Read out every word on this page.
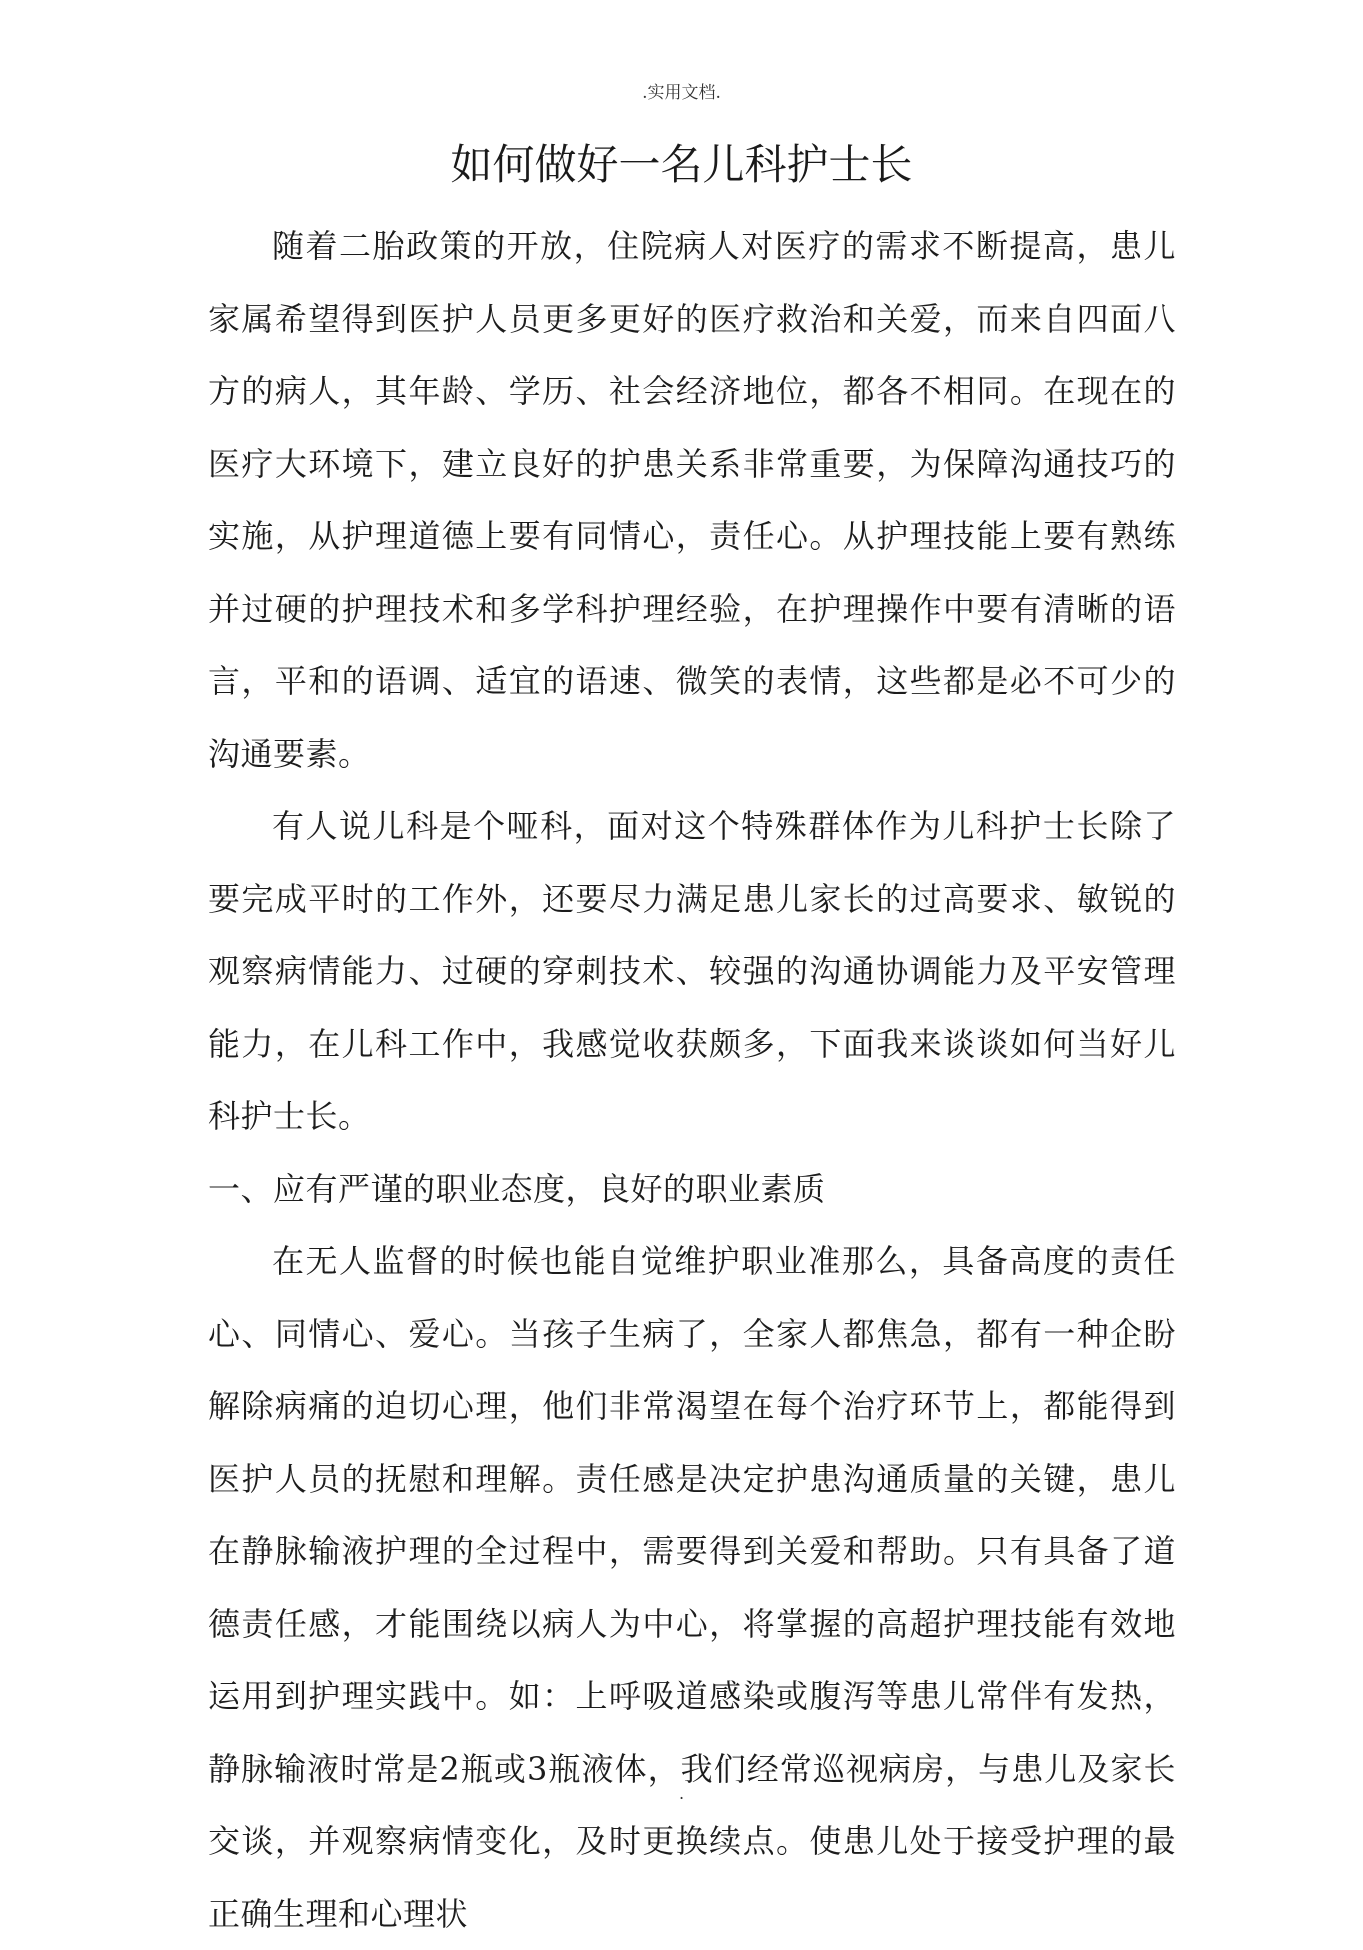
.实用文档.
如何做好一名儿科护士长

随着二胎政策的开放，住院病人对医疗的需求不断提高，患儿家属希望得到医护人员更多更好的医疗救治和关爱，而来自四面八方的病人，其年龄、学历、社会经济地位，都各不相同。在现在的医疗大环境下，建立良好的护患关系非常重要，为保障沟通技巧的实施，从护理道德上要有同情心，责任心。从护理技能上要有熟练并过硬的护理技术和多学科护理经验，在护理操作中要有清晰的语言，平和的语调、适宜的语速、微笑的表情，这些都是必不可少的沟通要素。

有人说儿科是个哑科，面对这个特殊群体作为儿科护士长除了要完成平时的工作外，还要尽力满足患儿家长的过高要求、敏锐的观察病情能力、过硬的穿刺技术、较强的沟通协调能力及平安管理能力，在儿科工作中，我感觉收获颇多，下面我来谈谈如何当好儿科护士长。

一、应有严谨的职业态度，良好的职业素质

在无人监督的时候也能自觉维护职业准那么，具备高度的责任心、同情心、爱心。当孩子生病了，全家人都焦急，都有一种企盼解除病痛的迫切心理，他们非常渴望在每个治疗环节上，都能得到医护人员的抚慰和理解。责任感是决定护患沟通质量的关键，患儿在静脉输液护理的全过程中，需要得到关爱和帮助。只有具备了道德责任感，才能围绕以病人为中心，将掌握的高超护理技能有效地运用到护理实践中。如：上呼吸道感染或腹泻等患儿常伴有发热，静脉输液时常是2瓶或3瓶液体，我们经常巡视病房，与患儿及家长交谈，并观察病情变化，及时更换续点。使患儿处于接受护理的最正确生理和心理状

.
